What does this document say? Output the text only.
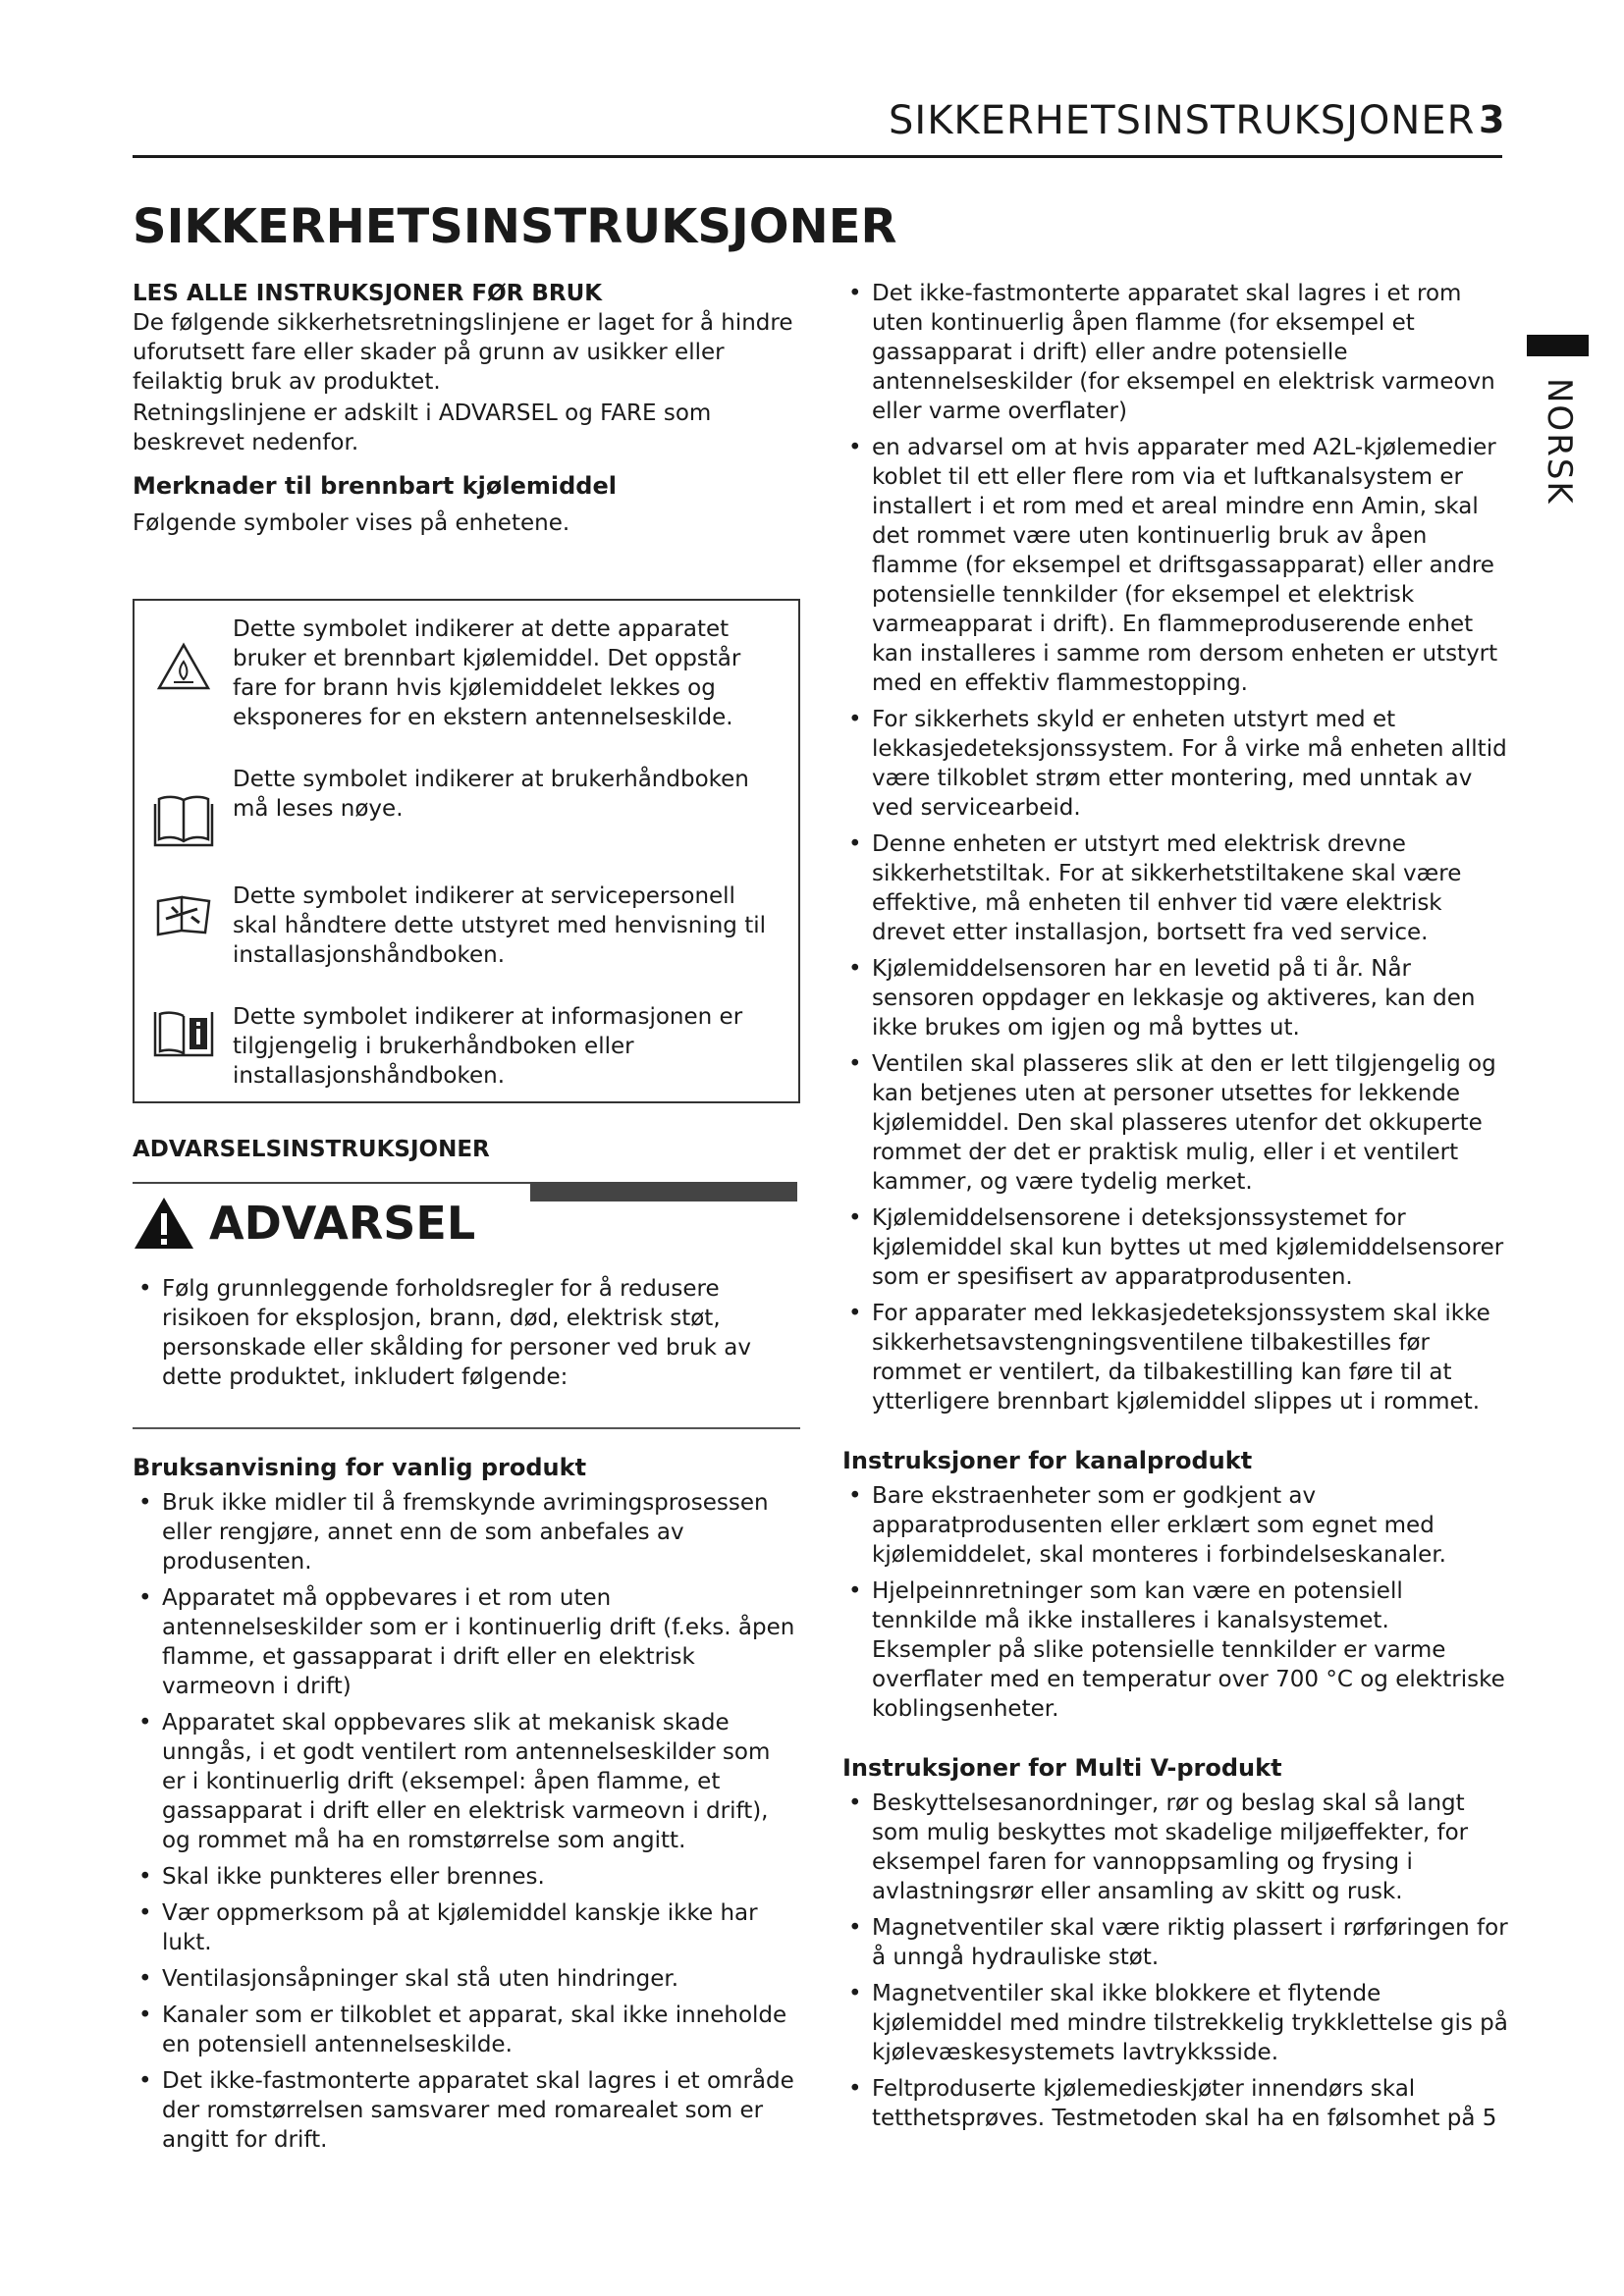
SIKKERHETSINSTRUKSJONER 3
NORSK
SIKKERHETSINSTRUKSJONER

LES ALLE INSTRUKSJONER FØR BRUK

De følgende sikkerhetsretningslinjene er laget for å hindre uforutsett fare eller skader på grunn av usikker eller feilaktig bruk av produktet.

Retningslinjene er adskilt i ADVARSEL og FARE som beskrevet nedenfor.

Merknader til brennbart kjølemiddel

Følgende symboler vises på enhetene.

Dette symbolet indikerer at dette apparatet bruker et brennbart kjølemiddel. Det oppstår fare for brann hvis kjølemiddelet lekkes og eksponeres for en ekstern antennelseskilde.

Dette symbolet indikerer at brukerhåndboken må leses nøye.

Dette symbolet indikerer at servicepersonell skal håndtere dette utstyret med henvisning til installasjonshåndboken.

Dette symbolet indikerer at informasjonen er tilgjengelig i brukerhåndboken eller installasjonshåndboken.

ADVARSELSINSTRUKSJONER

ADVARSEL
• Følg grunnleggende forholdsregler for å redusere risikoen for eksplosjon, brann, død, elektrisk støt, personskade eller skålding for personer ved bruk av dette produktet, inkludert følgende:

Bruksanvisning for vanlig produkt

• Bruk ikke midler til å fremskynde avrimingsprosessen eller rengjøre, annet enn de som anbefales av produsenten.
• Apparatet må oppbevares i et rom uten antennelseskilder som er i kontinuerlig drift (f.eks. åpen flamme, et gassapparat i drift eller en elektrisk varmeovn i drift)
• Apparatet skal oppbevares slik at mekanisk skade unngås, i et godt ventilert rom antennelseskilder som er i kontinuerlig drift (eksempel: åpen flamme, et gassapparat i drift eller en elektrisk varmeovn i drift), og rommet må ha en romstørrelse som angitt.
• Skal ikke punkteres eller brennes.
• Vær oppmerksom på at kjølemiddel kanskje ikke har lukt.
• Ventilasjonsåpninger skal stå uten hindringer.
• Kanaler som er tilkoblet et apparat, skal ikke inneholde en potensiell antennelseskilde.
• Det ikke-fastmonterte apparatet skal lagres i et område der romstørrelsen samsvarer med romarealet som er angitt for drift.
• Det ikke-fastmonterte apparatet skal lagres i et rom uten kontinuerlig åpen flamme (for eksempel et gassapparat i drift) eller andre potensielle antennelseskilder (for eksempel en elektrisk varmeovn eller varme overflater)
• en advarsel om at hvis apparater med A2L-kjølemedier koblet til ett eller flere rom via et luftkanalsystem er installert i et rom med et areal mindre enn Amin, skal det rommet være uten kontinuerlig bruk av åpen flamme (for eksempel et driftsgassapparat) eller andre potensielle tennkilder (for eksempel et elektrisk varmeapparat i drift). En flammeproduserende enhet kan installeres i samme rom dersom enheten er utstyrt med en effektiv flammestopping.
• For sikkerhets skyld er enheten utstyrt med et lekkasjedeteksjonssystem. For å virke må enheten alltid være tilkoblet strøm etter montering, med unntak av ved servicearbeid.
• Denne enheten er utstyrt med elektrisk drevne sikkerhetstiltak. For at sikkerhetstiltakene skal være effektive, må enheten til enhver tid være elektrisk drevet etter installasjon, bortsett fra ved service.
• Kjølemiddelsensoren har en levetid på ti år. Når sensoren oppdager en lekkasje og aktiveres, kan den ikke brukes om igjen og må byttes ut.
• Ventilen skal plasseres slik at den er lett tilgjengelig og kan betjenes uten at personer utsettes for lekkende kjølemiddel. Den skal plasseres utenfor det okkuperte rommet der det er praktisk mulig, eller i et ventilert kammer, og være tydelig merket.
• Kjølemiddelsensorene i deteksjonssystemet for kjølemiddel skal kun byttes ut med kjølemiddelsensorer som er spesifisert av apparatprodusenten.
• For apparater med lekkasjedeteksjonssystem skal ikke sikkerhetsavstengningsventilene tilbakestilles før rommet er ventilert, da tilbakestilling kan føre til at ytterligere brennbart kjølemiddel slippes ut i rommet.

Instruksjoner for kanalprodukt

• Bare ekstraenheter som er godkjent av apparatprodusenten eller erklært som egnet med kjølemiddelet, skal monteres i forbindelseskanaler.
• Hjelpeinnretninger som kan være en potensiell tennkilde må ikke installeres i kanalsystemet. Eksempler på slike potensielle tennkilder er varme overflater med en temperatur over 700 °C og elektriske koblingsenheter.

Instruksjoner for Multi V-produkt

• Beskyttelsesanordninger, rør og beslag skal så langt som mulig beskyttes mot skadelige miljøeffekter, for eksempel faren for vannoppsamling og frysing i avlastningsrør eller ansamling av skitt og rusk.
• Magnetventiler skal være riktig plassert i rørføringen for å unngå hydrauliske støt.
• Magnetventiler skal ikke blokkere et flytende kjølemiddel med mindre tilstrekkelig trykklettelse gis på kjølevæskesystemets lavtrykksside.
• Feltproduserte kjølemedieskjøter innendørs skal tetthetsprøves. Testmetoden skal ha en følsomhet på 5
